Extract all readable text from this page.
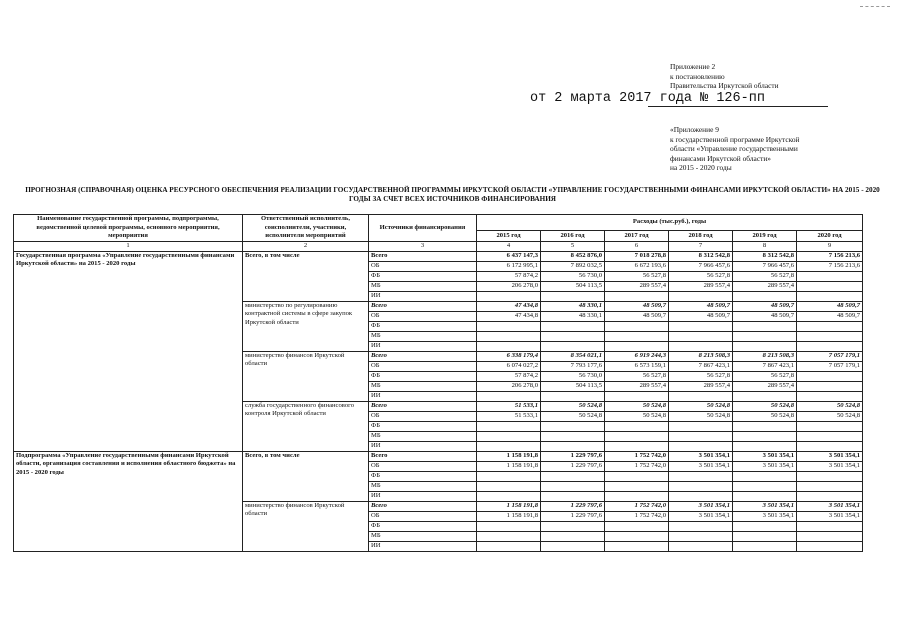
Приложение 2
к постановлению
Правительства Иркутской области
от 2 марта 2017 года № 126-пп
«Приложение 9
к государственной программе Иркутской
области «Управление государственными
финансами Иркутской области»
на 2015 - 2020 годы
ПРОГНОЗНАЯ (СПРАВОЧНАЯ) ОЦЕНКА РЕСУРСНОГО ОБЕСПЕЧЕНИЯ РЕАЛИЗАЦИИ ГОСУДАРСТВЕННОЙ ПРОГРАММЫ ИРКУТСКОЙ ОБЛАСТИ «УПРАВЛЕНИЕ ГОСУДАРСТВЕННЫМИ ФИНАНСАМИ ИРКУТСКОЙ ОБЛАСТИ» НА 2015 - 2020 ГОДЫ ЗА СЧЕТ ВСЕХ ИСТОЧНИКОВ ФИНАНСИРОВАНИЯ
Наименование государственной программы, подпрограммы, ведомственной целевой программы, основного мероприятия, мероприятия	Ответственный исполнитель, соисполнители, участники, исполнители мероприятий	Источники финансирования	Расходы (тыс.руб.), годы					
			2015 год	2016 год	2017 год	2018 год	2019 год	2020 год
1	2	3	4	5	6	7	8	9
Государственная программа «Управление государственными финансами Иркутской области» на 2015 - 2020 годы	Всего, в том числе	Всего	6 437 147,3	8 452 876,0	7 018 278,8	8 312 542,8	8 312 542,8	7 156 213,6
		ОБ	6 172 995,1	7 892 032,5	6 672 193,6	7 966 457,6	7 966 457,6	7 156 213,6
		ФБ	57 874,2	56 730,0	56 527,8	56 527,8	56 527,8	
		МБ	206 278,0	504 113,5	289 557,4	289 557,4	289 557,4	
		ИИ						
	министерство по регулированию контрактной системы в сфере закупок Иркутской области	Всего	47 434,8	48 330,1	48 509,7	48 509,7	48 509,7	48 509,7
		ОБ	47 434,8	48 330,1	48 509,7	48 509,7	48 509,7	48 509,7
		ФБ						
		МБ						
		ИИ						
	министерство финансов Иркутской области	Всего	6 338 179,4	8 354 021,1	6 919 244,3	8 213 508,3	8 213 508,3	7 057 179,1
		ОБ	6 074 027,2	7 793 177,6	6 573 159,1	7 867 423,1	7 867 423,1	7 057 179,1
		ФБ	57 874,2	56 730,0	56 527,8	56 527,8	56 527,8	
		МБ	206 278,0	504 113,5	289 557,4	289 557,4	289 557,4	
		ИИ						
	служба государственного финансового контроля Иркутской области	Всего	51 533,1	50 524,8	50 524,8	50 524,8	50 524,8	50 524,8
		ОБ	51 533,1	50 524,8	50 524,8	50 524,8	50 524,8	50 524,8
		ФБ						
		МБ						
		ИИ						
Подпрограмма «Управление государственными финансами Иркутской области, организация составления и исполнения областного бюджета» на 2015 - 2020 годы	Всего, в том числе	Всего	1 158 191,8	1 229 797,6	1 752 742,0	3 501 354,1	3 501 354,1	3 501 354,1
		ОБ	1 158 191,8	1 229 797,6	1 752 742,0	3 501 354,1	3 501 354,1	3 501 354,1
		ФБ						
		МБ						
		ИИ						
	министерство финансов Иркутской области	Всего	1 158 191,8	1 229 797,6	1 752 742,0	3 501 354,1	3 501 354,1	3 501 354,1
		ОБ	1 158 191,8	1 229 797,6	1 752 742,0	3 501 354,1	3 501 354,1	3 501 354,1
		ФБ						
		МБ						
		ИИ						
